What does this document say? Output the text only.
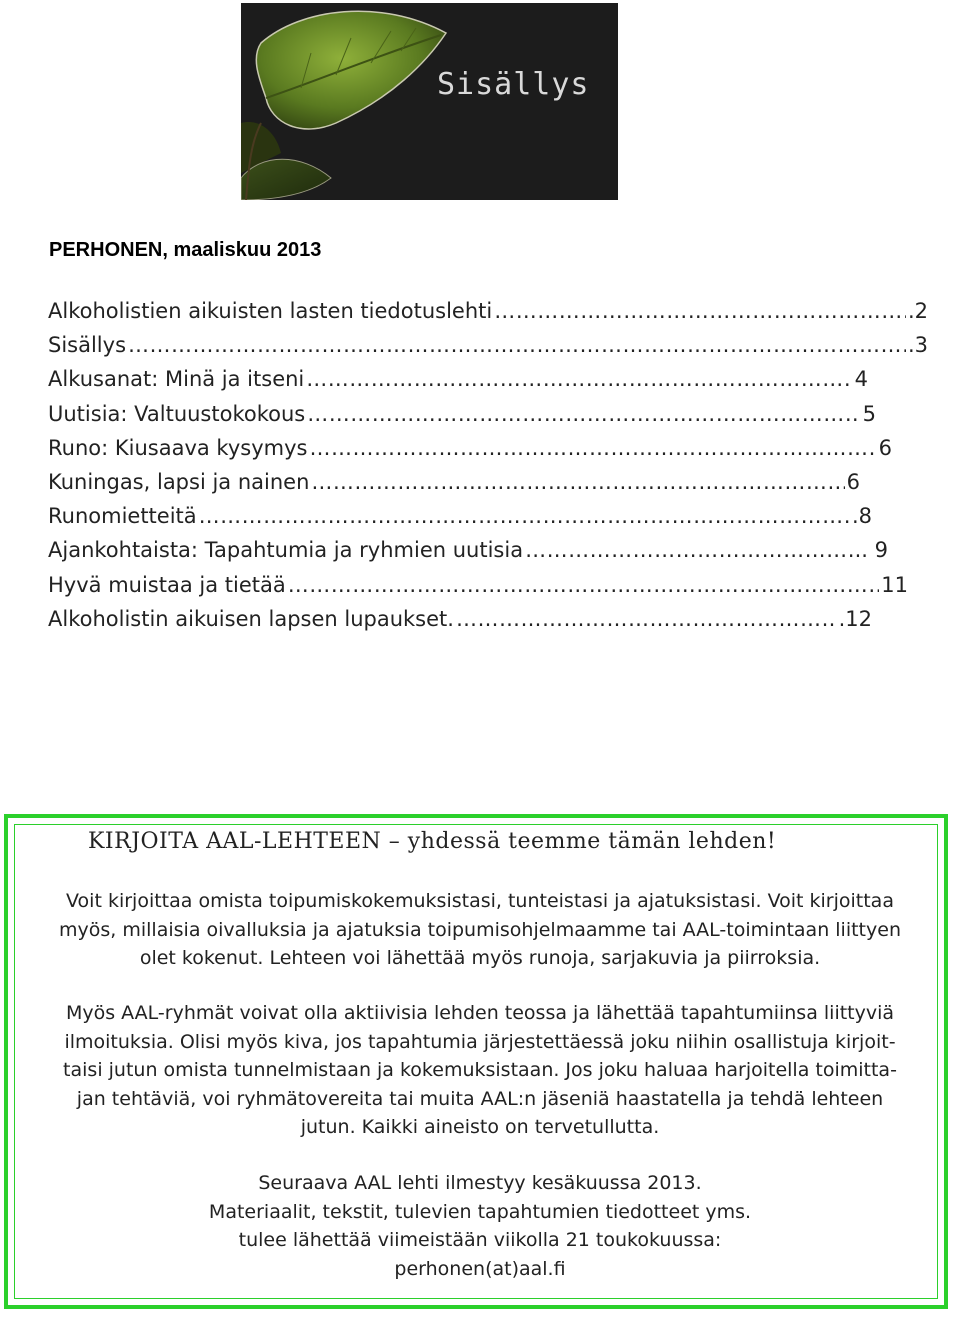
Sisällys
PERHONEN, maaliskuu 2013
Alkoholistien aikuisten lasten tiedotuslehti ……………………………………………………………………………………………………………………………………………………………………	.2
Sisällys ……………………………………………………………………………………………………………………………………………………………………	.3
Alkusanat: Minä ja itseni ……………………………………………………………………………………………………………………………………………………………………	4
Uutisia: Valtuustokokous ……………………………………………………………………………………………………………………………………………………………………	5
Runo: Kiusaava kysymys ……………………………………………………………………………………………………………………………………………………………………	6
Kuningas, lapsi ja nainen ……………………………………………………………………………………………………………………………………………………………………	6
Runomietteitä ……………………………………………………………………………………………………………………………………………………………………	.8
Ajankohtaista: Tapahtumia ja ryhmien uutisia ……………………………………………………………………………………………………………………………………………………………………	.. 9
Hyvä muistaa ja tietää ……………………………………………………………………………………………………………………………………………………………………	11
Alkoholistin aikuisen lapsen lupaukset. ……………………………………………………………………………………………………………………………………………………………………	.12
KIRJOITA AAL-LEHTEEN – yhdessä teemme tämän lehden!
Voit kirjoittaa omista toipumiskokemuksistasi, tunteistasi ja ajatuksistasi. Voit kirjoittaa
myös, millaisia oivalluksia ja ajatuksia toipumisohjelmaamme tai AAL-toimintaan liittyen
olet kokenut. Lehteen voi lähettää myös runoja, sarjakuvia ja piirroksia.
Myös AAL-ryhmät voivat olla aktiivisia lehden teossa ja lähettää tapahtumiinsa liittyviä
ilmoituksia. Olisi myös kiva, jos tapahtumia järjestettäessä joku niihin osallistuja kirjoit-
taisi jutun omista tunnelmistaan ja kokemuksistaan. Jos joku haluaa harjoitella toimitta-
jan tehtäviä, voi ryhmätovereita tai muita AAL:n jäseniä haastatella ja tehdä lehteen
jutun. Kaikki aineisto on tervetullutta.
Seuraava AAL lehti ilmestyy kesäkuussa 2013.
Materiaalit, tekstit, tulevien tapahtumien tiedotteet yms.
tulee lähettää viimeistään viikolla 21 toukokuussa:
perhonen(at)aal.fi
